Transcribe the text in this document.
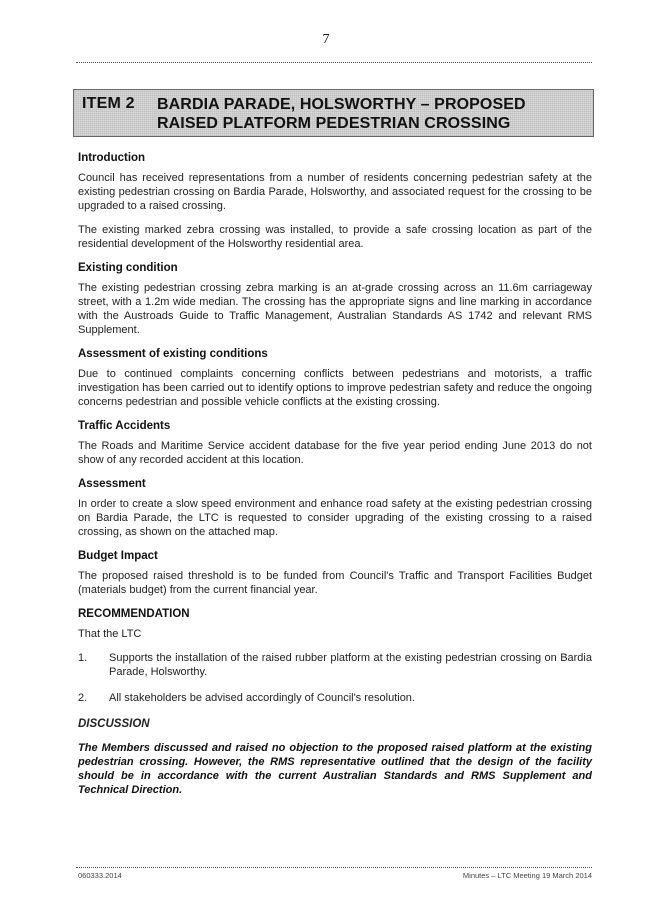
7
ITEM 2 BARDIA PARADE, HOLSWORTHY – PROPOSED RAISED PLATFORM PEDESTRIAN CROSSING
Introduction

Council has received representations from a number of residents concerning pedestrian safety at the existing pedestrian crossing on Bardia Parade, Holsworthy, and associated request for the crossing to be upgraded to a raised crossing.

The existing marked zebra crossing was installed, to provide a safe crossing location as part of the residential development of the Holsworthy residential area.

Existing condition

The existing pedestrian crossing zebra marking is an at-grade crossing across an 11.6m carriageway street, with a 1.2m wide median. The crossing has the appropriate signs and line marking in accordance with the Austroads Guide to Traffic Management, Australian Standards AS 1742 and relevant RMS Supplement.

Assessment of existing conditions

Due to continued complaints concerning conflicts between pedestrians and motorists, a traffic investigation has been carried out to identify options to improve pedestrian safety and reduce the ongoing concerns pedestrian and possible vehicle conflicts at the existing crossing.

Traffic Accidents

The Roads and Maritime Service accident database for the five year period ending June 2013 do not show of any recorded accident at this location.

Assessment

In order to create a slow speed environment and enhance road safety at the existing pedestrian crossing on Bardia Parade, the LTC is requested to consider upgrading of the existing crossing to a raised crossing, as shown on the attached map.

Budget Impact

The proposed raised threshold is to be funded from Council's Traffic and Transport Facilities Budget (materials budget) from the current financial year.

RECOMMENDATION

That the LTC

1.	Supports the installation of the raised rubber platform at the existing pedestrian crossing on Bardia Parade, Holsworthy.
2.	All stakeholders be advised accordingly of Council's resolution.
DISCUSSION

The Members discussed and raised no objection to the proposed raised platform at the existing pedestrian crossing. However, the RMS representative outlined that the design of the facility should be in accordance with the current Australian Standards and RMS Supplement and Technical Direction.

060333.2014	Minutes – LTC Meeting 19 March 2014
